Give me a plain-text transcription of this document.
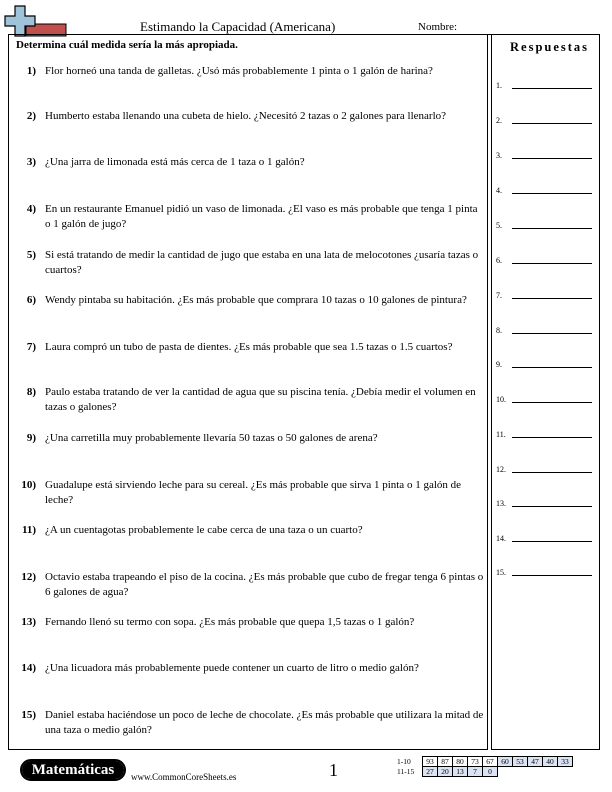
Estimando la Capacidad (Americana)	Nombre:
Determina cuál medida sería la más apropiada.	Respuestas
1) Flor horneó una tanda de galletas. ¿Usó más probablemente 1 pinta o 1 galón de harina?
2) Humberto estaba llenando una cubeta de hielo. ¿Necesitó 2 tazas o 2 galones para llenarlo?
3) ¿Una jarra de limonada está más cerca de 1 taza o 1 galón?
4) En un restaurante Emanuel pidió un vaso de limonada. ¿El vaso es más probable que tenga 1 pinta o 1 galón de jugo?
5) Si está tratando de medir la cantidad de jugo que estaba en una lata de melocotones ¿usaría tazas o cuartos?
6) Wendy pintaba su habitación. ¿Es más probable que comprara 10 tazas o 10 galones de pintura?
7) Laura compró un tubo de pasta de dientes. ¿Es más probable que sea 1.5 tazas o 1.5 cuartos?
8) Paulo estaba tratando de ver la cantidad de agua que su piscina tenía. ¿Debía medir el volumen en tazas o galones?
9) ¿Una carretilla muy probablemente llevaría 50 tazas o 50 galones de arena?
10) Guadalupe está sirviendo leche para su cereal. ¿Es más probable que sirva 1 pinta o 1 galón de leche?
11) ¿A un cuentagotas probablemente le cabe cerca de una taza o un cuarto?
12) Octavio estaba trapeando el piso de la cocina. ¿Es más probable que cubo de fregar tenga 6 pintas o 6 galones de agua?
13) Fernando llenó su termo con sopa. ¿Es más probable que quepa 1,5 tazas o 1 galón?
14) ¿Una licuadora más probablemente puede contener un cuarto de litro o medio galón?
15) Daniel estaba haciéndose un poco de leche de chocolate. ¿Es más probable que utilizara la mitad de una taza o medio galón?
1.
2.
3.
4.
5.
6.
7.
8.
9.
10.
11.
12.
13.
14.
15.
Matemáticas	www.CommonCoreSheets.es	1	1-10	93	87	80	73	67	60	53	47	40	33
11-15	27	20	13	7	0					
